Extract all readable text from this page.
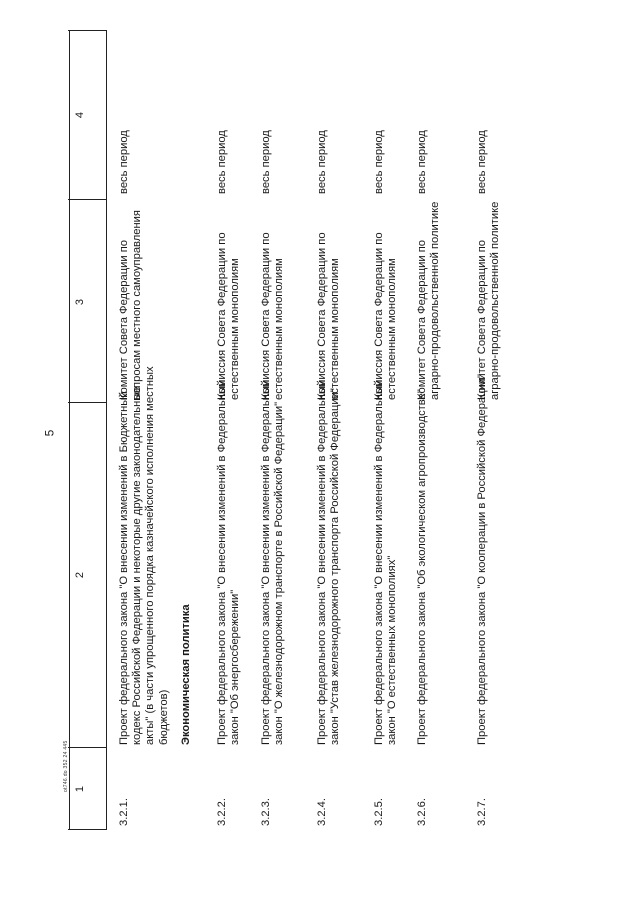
5
1
2
3
4
3.2.1.
Проект федерального закона "О внесении изменений в Бюджетный кодекс Российской Федерации и некоторые другие законодательные акты" (в части упрощенного порядка казначейского исполнения местных бюджетов)
Комитет Совета Федерации по вопросам местного самоуправления
весь период
Экономическая политика
3.2.2.
Проект федерального закона "О внесении изменений в Федеральный закон "Об энергосбережении"
Комиссия Совета Федерации по естественным монополиям
весь период
3.2.3.
Проект федерального закона "О внесении изменений в Федеральный закон "О железнодорожном транспорте в Российской Федерации"
Комиссия Совета Федерации по естественным монополиям
весь период
3.2.4.
Проект федерального закона "О внесении изменений в Федеральный закон "Устав железнодорожного транспорта Российской Федерации"
Комиссия Совета Федерации по естественным монополиям
весь период
3.2.5.
Проект федерального закона "О внесении изменений в Федеральный закон "О естественных монополиях"
Комиссия Совета Федерации по естественным монополиям
весь период
3.2.6.
Проект федерального закона "Об экологическом агропроизводстве"
Комитет Совета Федерации по аграрно-продовольственной политике
весь период
3.2.7.
Проект федерального закона "О кооперации в Российской Федерации"
Комитет Совета Федерации по аграрно-продовольственной политике
весь период
ot746.do 352 24 445
